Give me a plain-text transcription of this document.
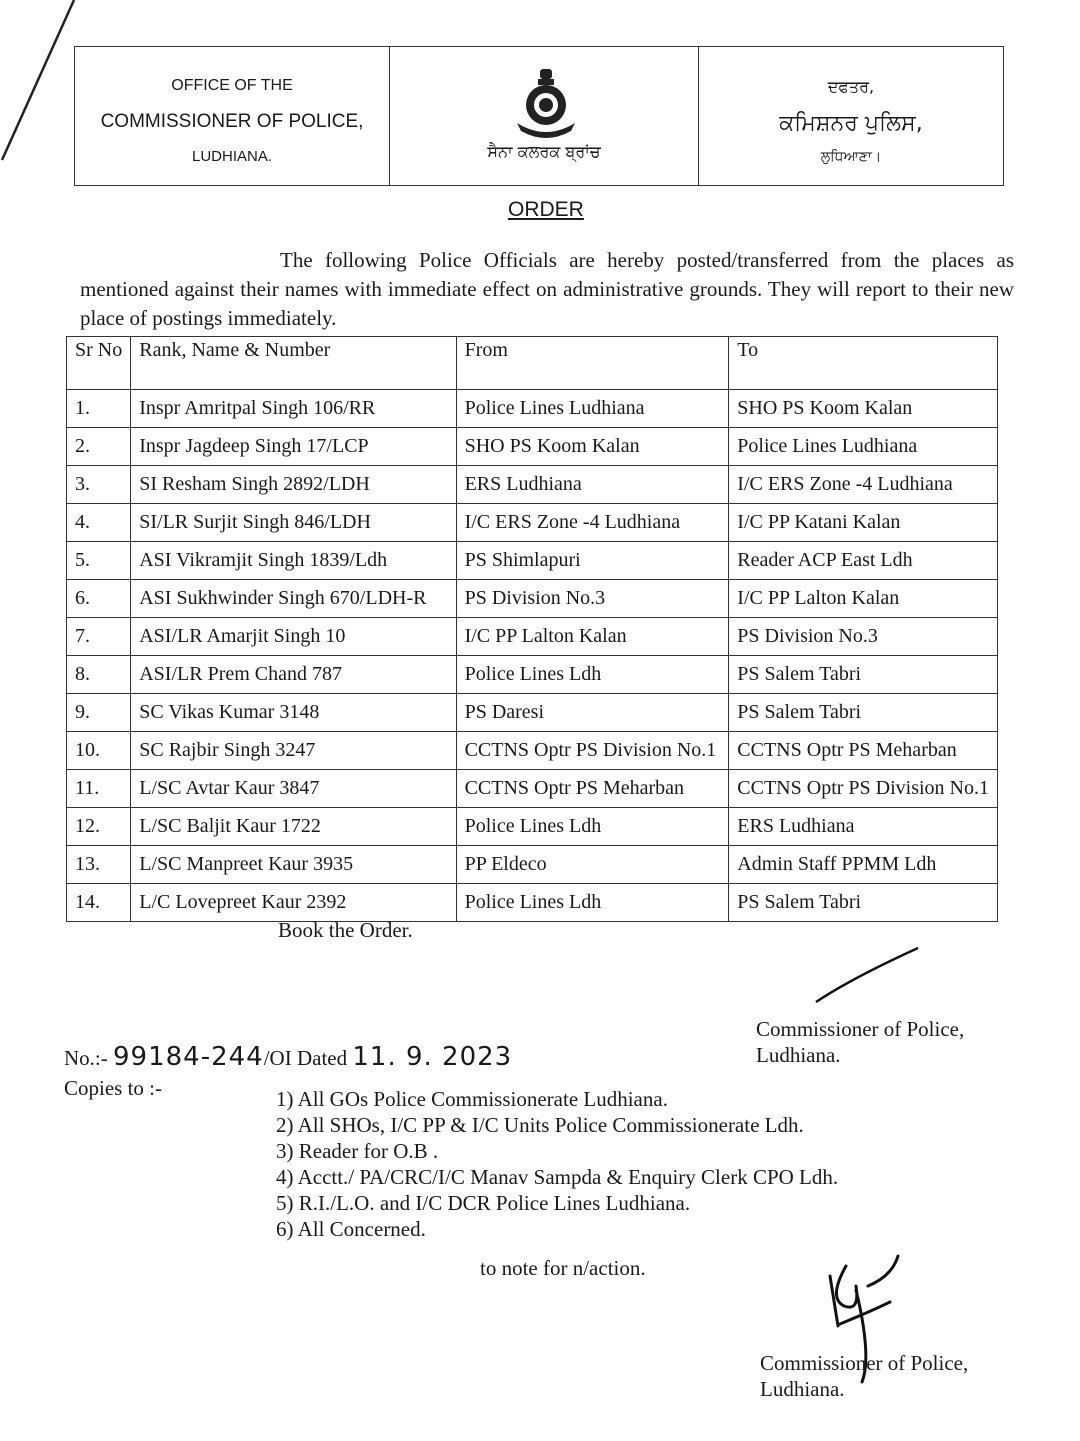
OFFICE OF THE
COMMISSIONER OF POLICE,
LUDHIANA.	ਸੈਨਾ ਕਲਰਕ ਬ੍ਰਾਂਚ
ਦਫਤਰ,
ਕਮਿਸ਼ਨਰ ਪੁਲਿਸ,
ਲੁਧਿਆਣਾ।
ORDER
The following Police Officials are hereby posted/transferred from the places as mentioned against their names with immediate effect on administrative grounds. They will report to their new place of postings immediately.
Sr No	Rank, Name & Number	From	To
1.	Inspr Amritpal Singh 106/RR	Police Lines Ludhiana	SHO PS Koom Kalan
2.	Inspr Jagdeep Singh 17/LCP	SHO PS Koom Kalan	Police Lines Ludhiana
3.	SI Resham Singh 2892/LDH	ERS Ludhiana	I/C ERS Zone -4 Ludhiana
4.	SI/LR Surjit Singh 846/LDH	I/C ERS Zone -4 Ludhiana	I/C PP Katani Kalan
5.	ASI Vikramjit Singh 1839/Ldh	PS Shimlapuri	Reader ACP East Ldh
6.	ASI Sukhwinder Singh 670/LDH-R	PS Division No.3	I/C PP Lalton Kalan
7.	ASI/LR Amarjit Singh 10	I/C PP Lalton Kalan	PS Division No.3
8.	ASI/LR Prem Chand 787	Police Lines Ldh	PS Salem Tabri
9.	SC Vikas Kumar 3148	PS Daresi	PS Salem Tabri
10.	SC Rajbir Singh 3247	CCTNS Optr PS Division No.1	CCTNS Optr PS Meharban
11.	L/SC Avtar Kaur 3847	CCTNS Optr PS Meharban	CCTNS Optr PS Division No.1
12.	L/SC Baljit Kaur 1722	Police Lines Ldh	ERS Ludhiana
13.	L/SC Manpreet Kaur 3935	PP Eldeco	Admin Staff PPMM Ldh
14.	L/C Lovepreet Kaur 2392	Police Lines Ldh	PS Salem Tabri
Book the Order.
Commissioner of Police,
Ludhiana.
No.:- 99184-244/OI Dated 11. 9. 2023
Copies to :-	1) All GOs Police Commissionerate Ludhiana.
2) All SHOs, I/C PP & I/C Units Police Commissionerate Ldh.
3) Reader for O.B .
4) Acctt./ PA/CRC/I/C Manav Sampda & Enquiry Clerk CPO Ldh.
5) R.I./L.O. and I/C DCR Police Lines Ludhiana.
6) All Concerned.
to note for n/action.
Commissioner of Police,
Ludhiana.
